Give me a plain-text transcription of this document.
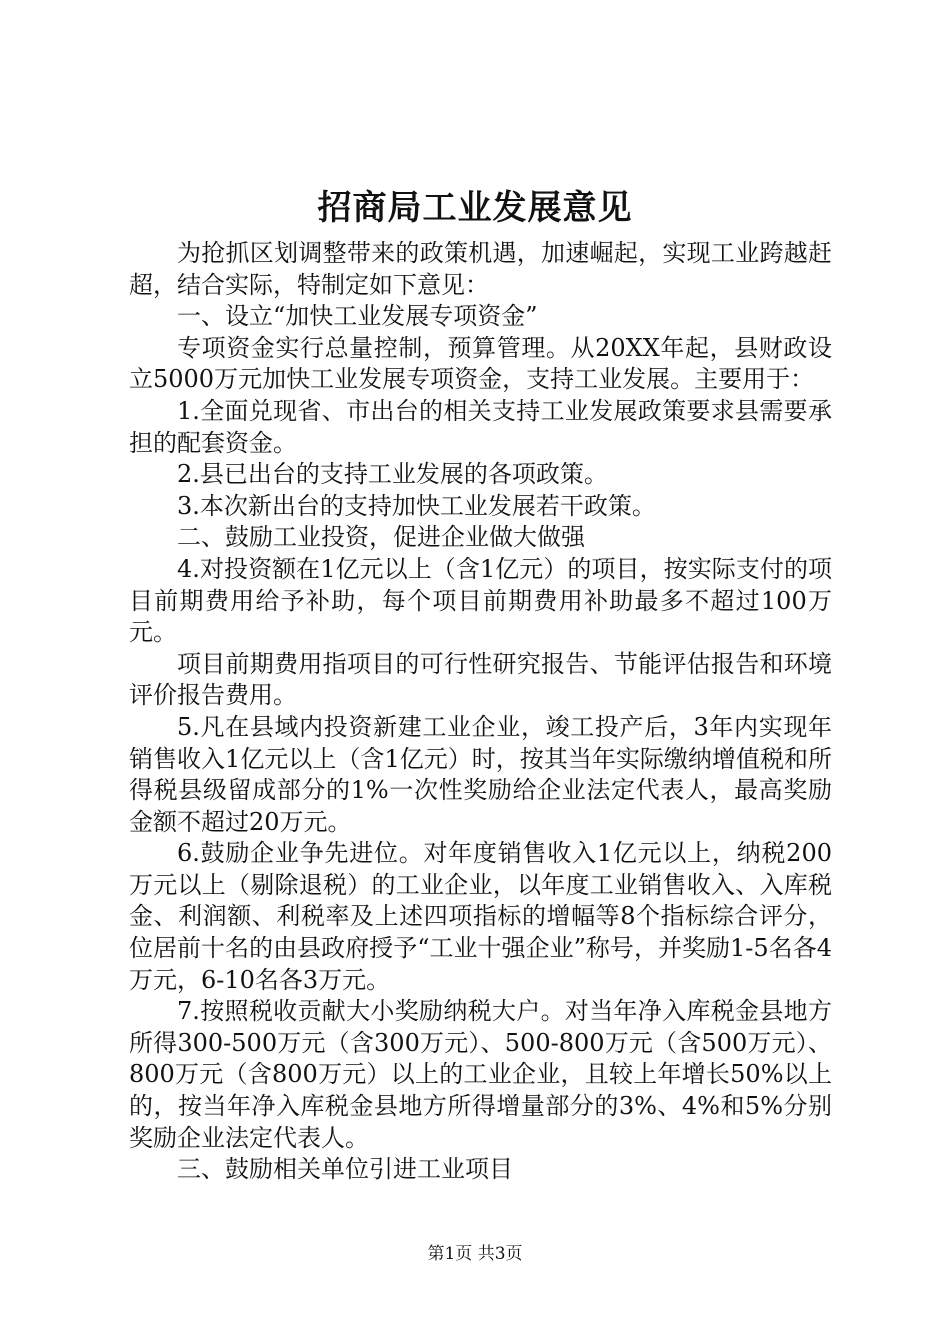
招商局工业发展意见

为抢抓区划调整带来的政策机遇，加速崛起，实现工业跨越赶超，结合实际，特制定如下意见：

一、设立“加快工业发展专项资金”

专项资金实行总量控制，预算管理。从20XX年起，县财政设立5000万元加快工业发展专项资金，支持工业发展。主要用于：

1.全面兑现省、市出台的相关支持工业发展政策要求县需要承担的配套资金。

2.县已出台的支持工业发展的各项政策。

3.本次新出台的支持加快工业发展若干政策。

二、鼓励工业投资，促进企业做大做强

4.对投资额在1亿元以上（含1亿元）的项目，按实际支付的项目前期费用给予补助，每个项目前期费用补助最多不超过100万元。

项目前期费用指项目的可行性研究报告、节能评估报告和环境评价报告费用。

5.凡在县域内投资新建工业企业，竣工投产后，3年内实现年销售收入1亿元以上（含1亿元）时，按其当年实际缴纳增值税和所得税县级留成部分的1%一次性奖励给企业法定代表人，最高奖励金额不超过20万元。

6.鼓励企业争先进位。对年度销售收入1亿元以上，纳税200万元以上（剔除退税）的工业企业，以年度工业销售收入、入库税金、利润额、利税率及上述四项指标的增幅等8个指标综合评分，位居前十名的由县政府授予“工业十强企业”称号，并奖励1-5名各4万元，6-10名各3万元。

7.按照税收贡献大小奖励纳税大户。对当年净入库税金县地方所得300-500万元（含300万元）、500-800万元（含500万元）、800万元（含800万元）以上的工业企业，且较上年增长50%以上的，按当年净入库税金县地方所得增量部分的3%、4%和5%分别奖励企业法定代表人。

三、鼓励相关单位引进工业项目

第1页 共3页
